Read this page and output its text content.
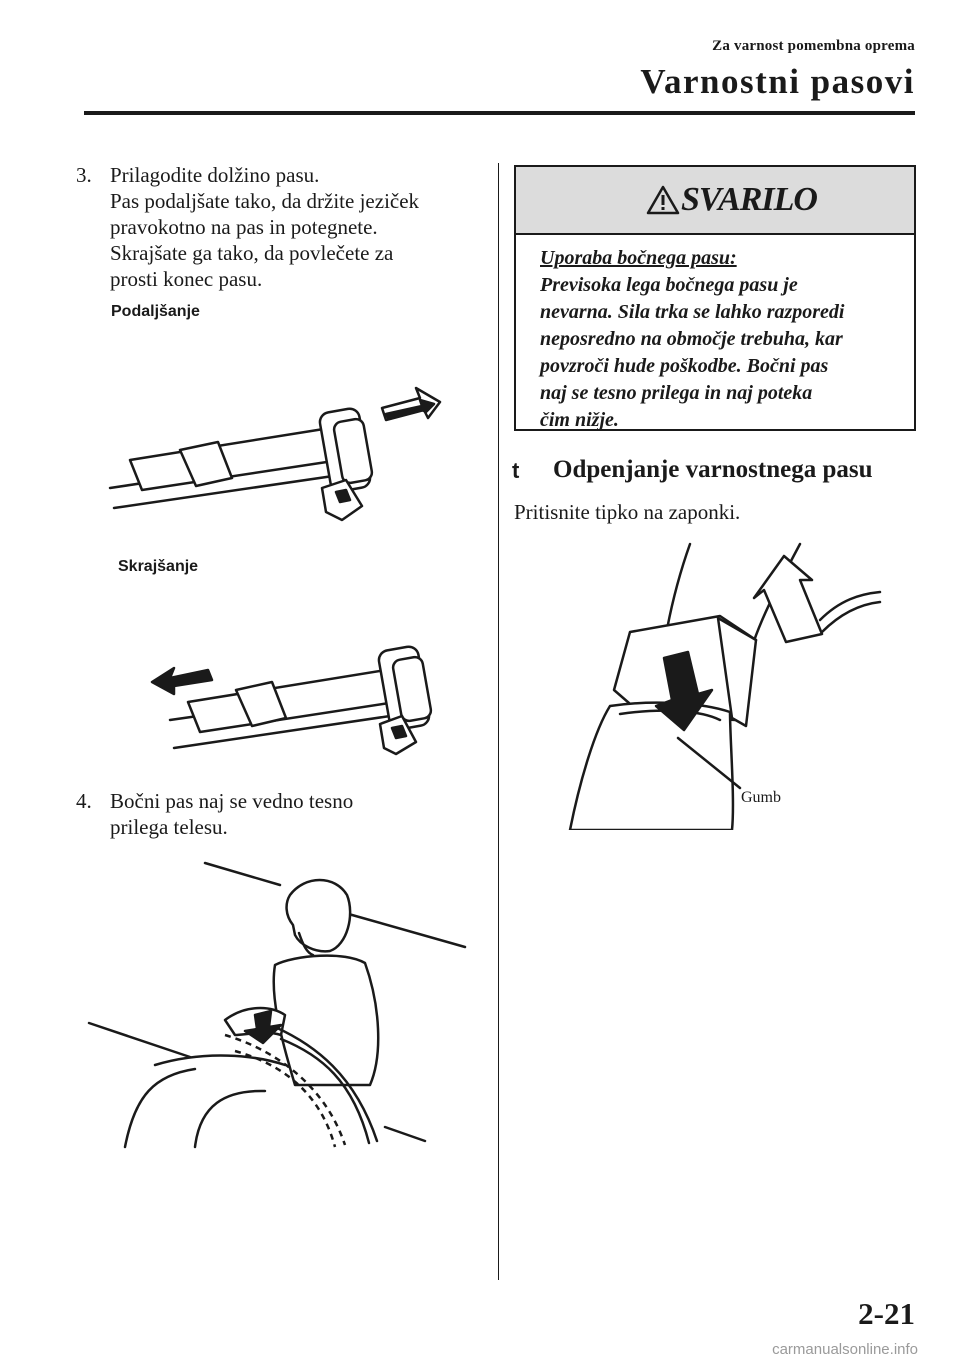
Za varnost pomembna oprema
Varnostni pasovi
3. Prilagodite dolžino pasu.
Pas podaljšate tako, da držite jeziček
pravokotno na pas in potegnete.
Skrajšate ga tako, da povlečete za
prosti konec pasu.
Podaljšanje
Skrajšanje
4. Bočni pas naj se vedno tesno
prilega telesu.
SVARILO
Uporaba bočnega pasu:
Previsoka lega bočnega pasu je
nevarna. Sila trka se lahko razporedi
neposredno na območje trebuha, kar
povzroči hude poškodbe. Bočni pas
naj se tesno prilega in naj poteka
čim nižje.
t Odpenjanje varnostnega pasu
Pritisnite tipko na zaponki.
Gumb
2-21
carmanualsonline.info
